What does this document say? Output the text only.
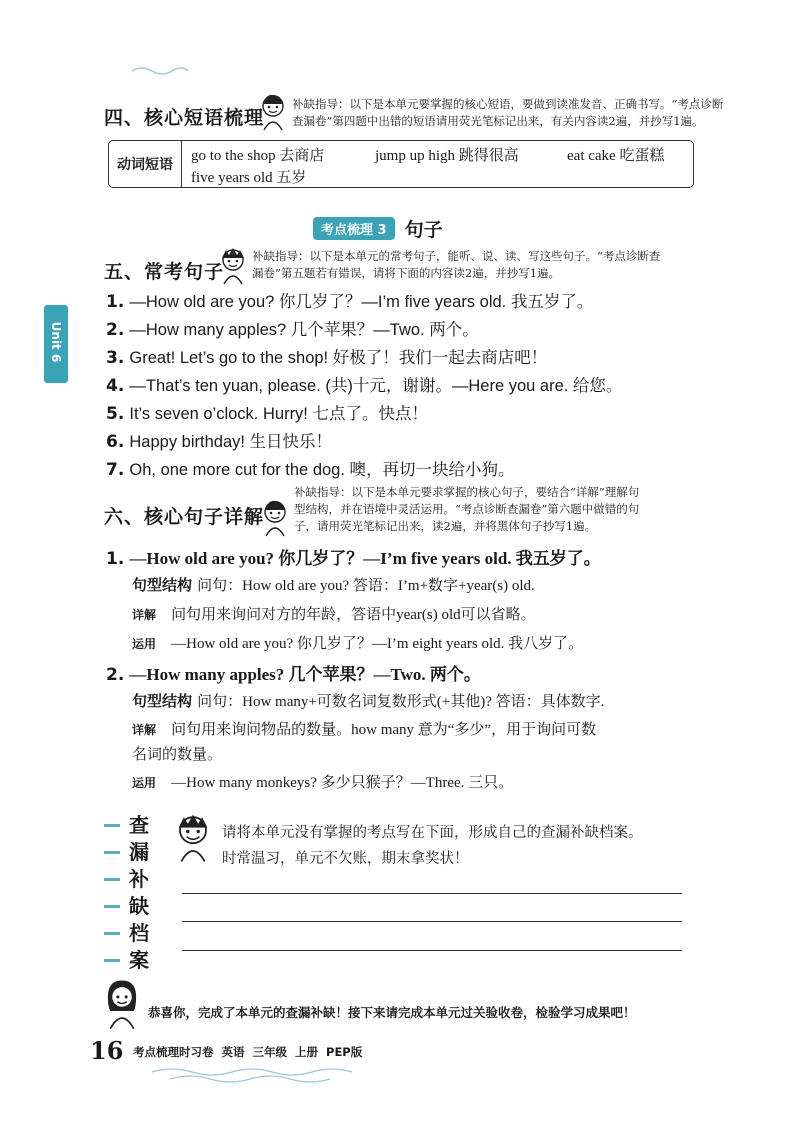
四、核心短语梳理
补缺指导：以下是本单元要掌握的核心短语，要做到读准发音、正确书写。“考点诊断
查漏卷”第四题中出错的短语请用荧光笔标记出来，有关内容读2遍，并抄写1遍。
动词短语
go to the shop 去商店	jump up high 跳得很高	eat cake 吃蛋糕
five years old 五岁
考点梳理 3 句子
Unit 6
五、常考句子
补缺指导：以下是本单元的常考句子，能听、说、读、写这些句子。“考点诊断查
漏卷”第五题若有错误，请将下面的内容读2遍，并抄写1遍。
1. —How old are you? 你几岁了？—I’m five years old. 我五岁了。
2. —How many apples? 几个苹果？—Two. 两个。
3. Great! Let’s go to the shop! 好极了！我们一起去商店吧！
4. —That’s ten yuan, please. (共)十元，谢谢。—Here you are. 给您。
5. It’s seven o’clock. Hurry! 七点了。快点！
6. Happy birthday! 生日快乐！
7. Oh, one more cut for the dog. 噢，再切一块给小狗。
六、核心句子详解
补缺指导：以下是本单元要求掌握的核心句子，要结合“详解”理解句
型结构，并在语境中灵活运用。“考点诊断查漏卷”第六题中做错的句
子，请用荧光笔标记出来，读2遍，并将黑体句子抄写1遍。
1. —How old are you? 你几岁了？—I’m five years old. 我五岁了。
句型结构 问句：How old are you? 答语：I’m+数字+year(s) old.
详解 问句用来询问对方的年龄，答语中year(s) old可以省略。
运用 —How old are you? 你几岁了？—I’m eight years old. 我八岁了。
2. —How many apples? 几个苹果？—Two. 两个。
句型结构 问句：How many+可数名词复数形式(+其他)? 答语：具体数字.
详解 问句用来询问物品的数量。how many 意为“多少”，用于询问可数
名词的数量。
运用 —How many monkeys? 多少只猴子？—Three. 三只。
查
漏
补
缺
档
案
请将本单元没有掌握的考点写在下面，形成自己的查漏补缺档案。
时常温习，单元不欠账，期末拿奖状！
恭喜你，完成了本单元的查漏补缺！接下来请完成本单元过关验收卷，检验学习成果吧！
16 考点梳理时习卷  英语  三年级  上册  PEP版
